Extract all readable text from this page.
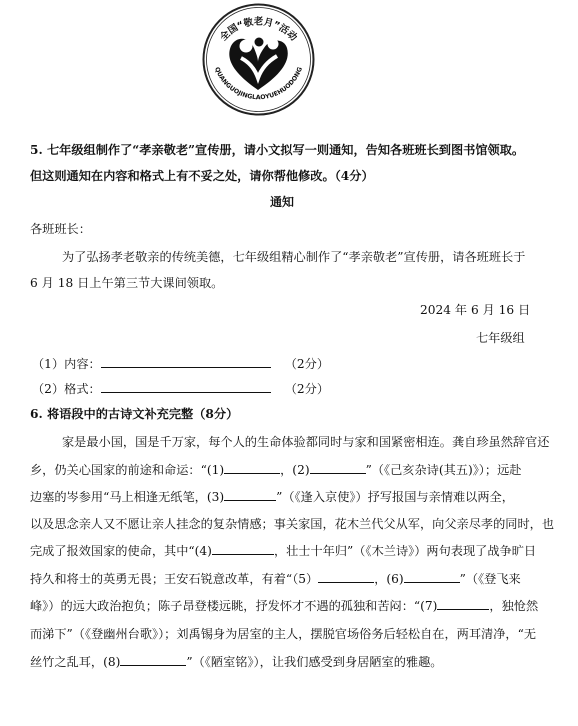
全国“敬老月”活动
QUANGUOJINGLAOYUEHUODONG
5. 七年级组制作了“孝亲敬老”宣传册，请小文拟写一则通知，告知各班班长到图书馆领取。
但这则通知在内容和格式上有不妥之处，请你帮他修改。（4分）
通知
各班班长：
为了弘扬孝老敬亲的传统美德，七年级组精心制作了“孝亲敬老”宣传册，请各班班长于
6 月 18 日上午第三节大课间领取。
2024 年 6 月 16 日
七年级组
（1）内容：	（2分）
（2）格式：	（2分）
6. 将语段中的古诗文补充完整（8分）
家是最小国，国是千万家，每个人的生命体验都同时与家和国紧密相连。龚自珍虽然辞官还
乡，仍关心国家的前途和命运：“(1)	，(2)	”（《己亥杂诗(其五)》）；远赴
边塞的岑参用“马上相逢无纸笔，(3)	”（《逢入京使》）抒写报国与亲情难以两全，
以及思念亲人又不愿让亲人挂念的复杂情感；事关家国，花木兰代父从军，向父亲尽孝的同时，也
完成了报效国家的使命，其中“(4)	，壮士十年归”（《木兰诗》）两句表现了战争旷日
持久和将士的英勇无畏；王安石锐意改革，有着“（5）	，(6)	”（《登飞来
峰》）的远大政治抱负；陈子昂登楼远眺，抒发怀才不遇的孤独和苦闷：“(7)	，独怆然
而涕下”（《登幽州台歌》）；刘禹锡身为居室的主人，摆脱官场俗务后轻松自在，两耳清净，“无
丝竹之乱耳，(8)	”（《陋室铭》），让我们感受到身居陋室的雅趣。
